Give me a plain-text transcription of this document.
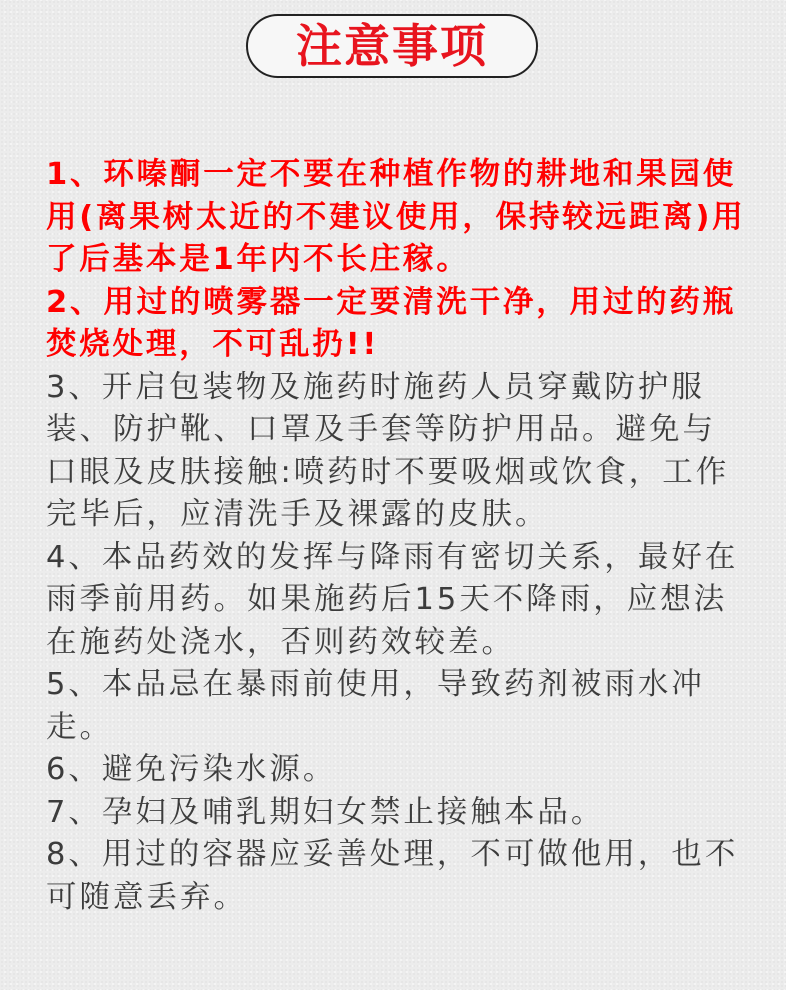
注意事项

1、环嗪酮一定不要在种植作物的耕地和果园使用(离果树太近的不建议使用，保持较远距离)用了后基本是1年内不长庄稼。

2、用过的喷雾器一定要清洗干净，用过的药瓶焚烧处理，不可乱扔!!

3、开启包装物及施药时施药人员穿戴防护服装、防护靴、口罩及手套等防护用品。避免与口眼及皮肤接触:喷药时不要吸烟或饮食，工作完毕后，应清洗手及裸露的皮肤。

4、本品药效的发挥与降雨有密切关系，最好在雨季前用药。如果施药后15天不降雨，应想法在施药处浇水，否则药效较差。

5、本品忌在暴雨前使用，导致药剂被雨水冲走。

6、避免污染水源。

7、孕妇及哺乳期妇女禁止接触本品。

8、用过的容器应妥善处理，不可做他用，也不可随意丢弃。
